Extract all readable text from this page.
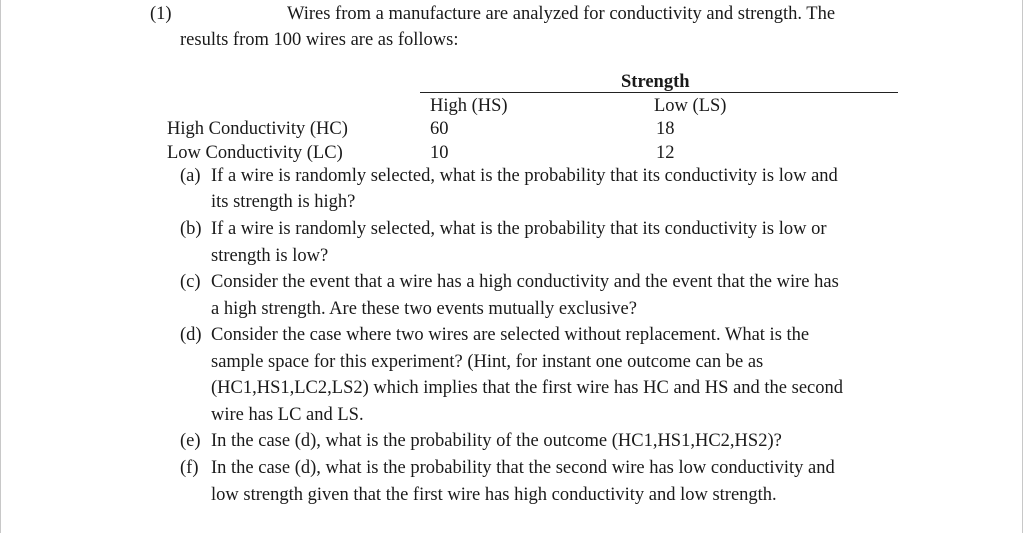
(1)	Wires from a manufacture are analyzed for conductivity and strength. The
results from 100 wires are as follows:
Strength
High (HS)	Low (LS)
High Conductivity (HC)	60	18
Low Conductivity (LC)	10	12
(a) If a wire is randomly selected, what is the probability that its conductivity is low and
its strength is high?
(b) If a wire is randomly selected, what is the probability that its conductivity is low or
strength is low?
(c) Consider the event that a wire has a high conductivity and the event that the wire has
a high strength. Are these two events mutually exclusive?
(d) Consider the case where two wires are selected without replacement. What is the
sample space for this experiment? (Hint, for instant one outcome can be as
(HC1,HS1,LC2,LS2) which implies that the first wire has HC and HS and the second
wire has LC and LS.
(e) In the case (d), what is the probability of the outcome (HC1,HS1,HC2,HS2)?
(f) In the case (d), what is the probability that the second wire has low conductivity and
low strength given that the first wire has high conductivity and low strength.
